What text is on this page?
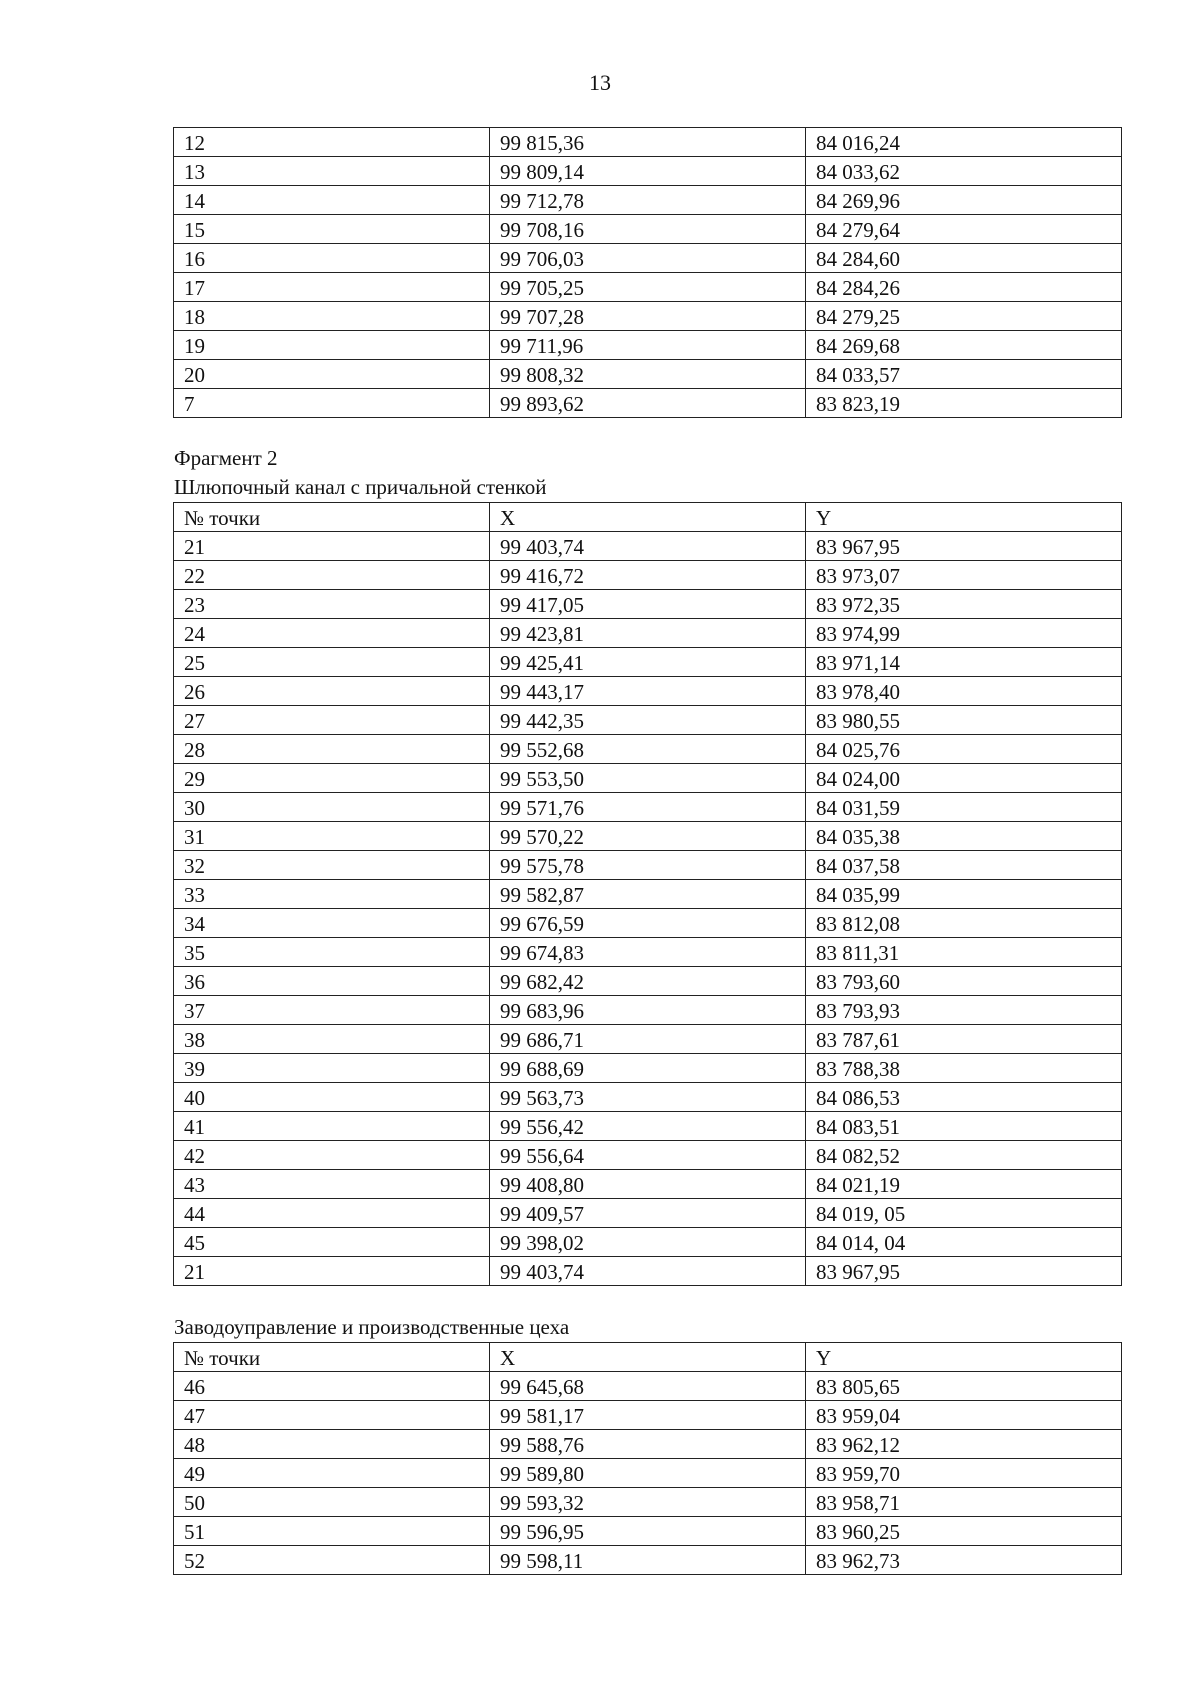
13
12	99 815,36	84 016,24
13	99 809,14	84 033,62
14	99 712,78	84 269,96
15	99 708,16	84 279,64
16	99 706,03	84 284,60
17	99 705,25	84 284,26
18	99 707,28	84 279,25
19	99 711,96	84 269,68
20	99 808,32	84 033,57
7	99 893,62	83 823,19
Фрагмент 2
Шлюпочный канал с причальной стенкой
№ точки	X	Y
21	99 403,74	83 967,95
22	99 416,72	83 973,07
23	99 417,05	83 972,35
24	99 423,81	83 974,99
25	99 425,41	83 971,14
26	99 443,17	83 978,40
27	99 442,35	83 980,55
28	99 552,68	84 025,76
29	99 553,50	84 024,00
30	99 571,76	84 031,59
31	99 570,22	84 035,38
32	99 575,78	84 037,58
33	99 582,87	84 035,99
34	99 676,59	83 812,08
35	99 674,83	83 811,31
36	99 682,42	83 793,60
37	99 683,96	83 793,93
38	99 686,71	83 787,61
39	99 688,69	83 788,38
40	99 563,73	84 086,53
41	99 556,42	84 083,51
42	99 556,64	84 082,52
43	99 408,80	84 021,19
44	99 409,57	84 019, 05
45	99 398,02	84 014, 04
21	99 403,74	83 967,95
Заводоуправление и производственные цеха
№ точки	X	Y
46	99 645,68	83 805,65
47	99 581,17	83 959,04
48	99 588,76	83 962,12
49	99 589,80	83 959,70
50	99 593,32	83 958,71
51	99 596,95	83 960,25
52	99 598,11	83 962,73
